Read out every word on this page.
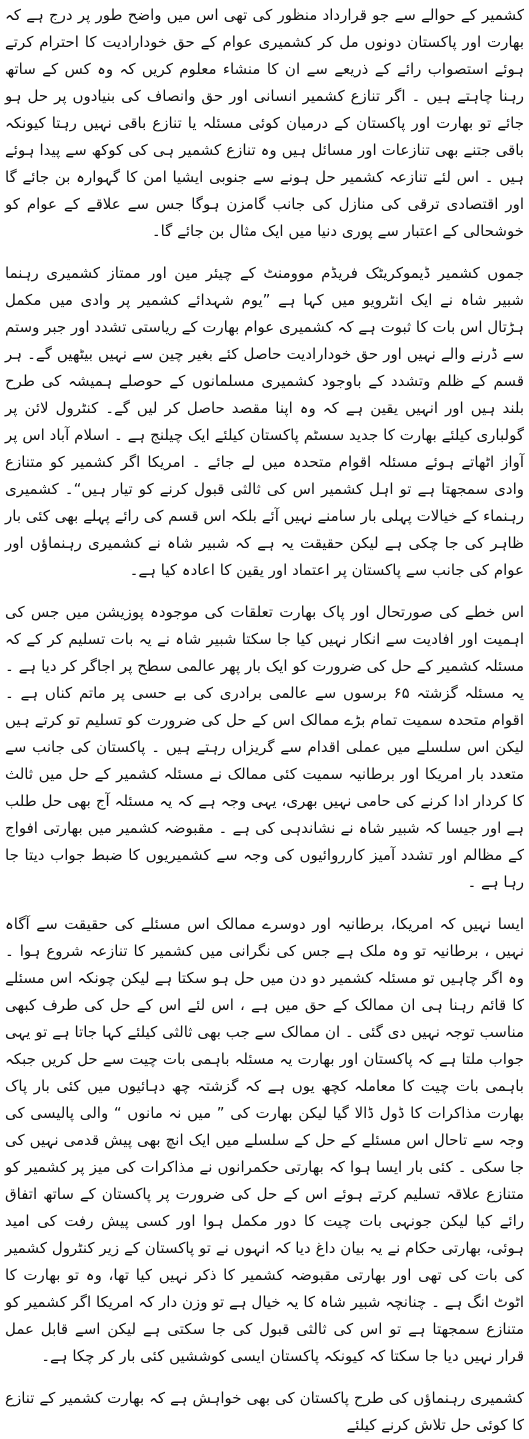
کشمیر کے حوالے سے جو قرارداد منظور کی تھی اس میں واضح طور پر درج ہے کہ بھارت اور پاکستان دونوں مل کر کشمیری عوام کے حق خودارادیت کا احترام کرتے ہوئے استصواب رائے کے ذریعے سے ان کا منشاء معلوم کریں کہ وہ کس کے ساتھ رہنا چاہتے ہیں ۔ اگر تنازع کشمیر انسانی اور حق وانصاف کی بنیادوں پر حل ہو جائے تو بھارت اور پاکستان کے درمیان کوئی مسئلہ یا تنازع باقی نہیں رہتا کیونکہ باقی جتنے بھی تنازعات اور مسائل ہیں وہ تنازع کشمیر ہی کی کوکھ سے پیدا ہوئے ہیں ۔ اس لئے تنازعہ کشمیر حل ہونے سے جنوبی ایشیا امن کا گہوارہ بن جائے گا اور اقتصادی ترقی کی منازل کی جانب گامزن ہوگا جس سے علاقے کے عوام کو خوشحالی کے اعتبار سے پوری دنیا میں ایک مثال بن جائے گا۔

جموں کشمیر ڈیموکریٹک فریڈم موومنٹ کے چیئر مین اور ممتاز کشمیری رہنما شبیر شاہ نے ایک انٹرویو میں کہا ہے ”یوم شہدائے کشمیر پر وادی میں مکمل ہڑتال اس بات کا ثبوت ہے کہ کشمیری عوام بھارت کے ریاستی تشدد اور جبر وستم سے ڈرنے والے نہیں اور حق خودارادیت حاصل کئے بغیر چین سے نہیں بیٹھیں گے۔ ہر قسم کے ظلم وتشدد کے باوجود کشمیری مسلمانوں کے حوصلے ہمیشہ کی طرح بلند ہیں اور انہیں یقین ہے کہ وہ اپنا مقصد حاصل کر لیں گے۔ کنٹرول لائن پر گولباری کیلئے بھارت کا جدید سسٹم پاکستان کیلئے ایک چیلنج ہے ۔ اسلام آباد اس پر آواز اٹھاتے ہوئے مسئلہ اقوام متحدہ میں لے جائے ۔ امریکا اگر کشمیر کو متنازع وادی سمجھتا ہے تو اہل کشمیر اس کی ثالثی قبول کرنے کو تیار ہیں“۔ کشمیری رہنماء کے خیالات پہلی بار سامنے نہیں آئے بلکہ اس قسم کی رائے پہلے بھی کئی بار ظاہر کی جا چکی ہے لیکن حقیقت یہ ہے کہ شبیر شاہ نے کشمیری رہنماؤں اور عوام کی جانب سے پاکستان پر اعتماد اور یقین کا اعادہ کیا ہے۔

اس خطے کی صورتحال اور پاک بھارت تعلقات کی موجودہ پوزیشن میں جس کی اہمیت اور افادیت سے انکار نہیں کیا جا سکتا شبیر شاہ نے یہ بات تسلیم کر کے کہ مسئلہ کشمیر کے حل کی ضرورت کو ایک بار پھر عالمی سطح پر اجاگر کر دیا ہے ۔ یہ مسئلہ گزشتہ ۶۵ برسوں سے عالمی برادری کی بے حسی پر ماتم کناں ہے ۔ اقوام متحدہ سمیت تمام بڑے ممالک اس کے حل کی ضرورت کو تسلیم تو کرتے ہیں لیکن اس سلسلے میں عملی اقدام سے گریزاں رہتے ہیں ۔ پاکستان کی جانب سے متعدد بار امریکا اور برطانیہ سمیت کئی ممالک نے مسئلہ کشمیر کے حل میں ثالث کا کردار ادا کرنے کی حامی نہیں بھری، یہی وجہ ہے کہ یہ مسئلہ آج بھی حل طلب ہے اور جیسا کہ شبیر شاہ نے نشاندہی کی ہے ۔ مقبوضہ کشمیر میں بھارتی افواج کے مظالم اور تشدد آمیز کارروائیوں کی وجہ سے کشمیریوں کا ضبط جواب دیتا جا رہا ہے ۔

ایسا نہیں کہ امریکا، برطانیہ اور دوسرے ممالک اس مسئلے کی حقیقت سے آگاہ نہیں ، برطانیہ تو وہ ملک ہے جس کی نگرانی میں کشمیر کا تنازعہ شروع ہوا ۔ وہ اگر چاہیں تو مسئلہ کشمیر دو دن میں حل ہو سکتا ہے لیکن چونکہ اس مسئلے کا قائم رہنا ہی ان ممالک کے حق میں ہے ، اس لئے اس کے حل کی طرف کبھی مناسب توجہ نہیں دی گئی ۔ ان ممالک سے جب بھی ثالثی کیلئے کہا جاتا ہے تو یہی جواب ملتا ہے کہ پاکستان اور بھارت یہ مسئلہ باہمی بات چیت سے حل کریں جبکہ باہمی بات چیت کا معاملہ کچھ یوں ہے کہ گزشتہ چھ دہائیوں میں کئی بار پاک بھارت مذاکرات کا ڈول ڈالا گیا لیکن بھارت کی ” میں نہ مانوں “ والی پالیسی کی وجہ سے تاحال اس مسئلے کے حل کے سلسلے میں ایک انچ بھی پیش قدمی نہیں کی جا سکی ۔ کئی بار ایسا ہوا کہ بھارتی حکمرانوں نے مذاکرات کی میز پر کشمیر کو متنازع علاقہ تسلیم کرتے ہوئے اس کے حل کی ضرورت پر پاکستان کے ساتھ اتفاق رائے کیا لیکن جونہی بات چیت کا دور مکمل ہوا اور کسی پیش رفت کی امید ہوئی، بھارتی حکام نے یہ بیان داغ دیا کہ انہوں نے تو پاکستان کے زیر کنٹرول کشمیر کی بات کی تھی اور بھارتی مقبوضہ کشمیر کا ذکر نہیں کیا تھا، وہ تو بھارت کا اٹوٹ انگ ہے ۔ چنانچہ شبیر شاہ کا یہ خیال ہے تو وزن دار کہ امریکا اگر کشمیر کو متنازع سمجھتا ہے تو اس کی ثالثی قبول کی جا سکتی ہے لیکن اسے قابل عمل قرار نہیں دیا جا سکتا کہ کیونکہ پاکستان ایسی کوششیں کئی بار کر چکا ہے۔

کشمیری رہنماؤں کی طرح پاکستان کی بھی خواہش ہے کہ بھارت کشمیر کے تنازع کا کوئی حل تلاش کرنے کیلئے
